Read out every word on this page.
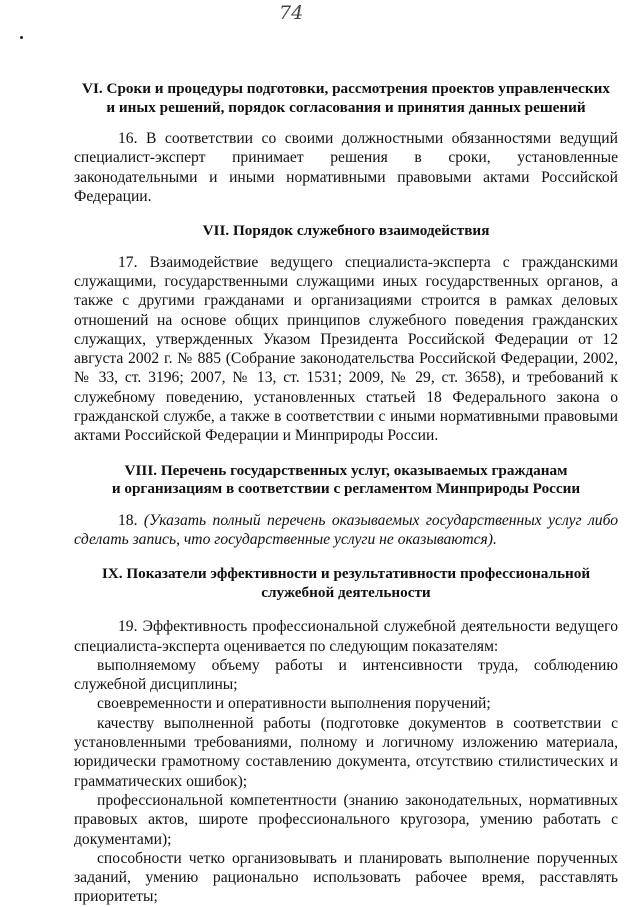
74

VI. Сроки и процедуры подготовки, рассмотрения проектов управленческих
и иных решений, порядок согласования и принятия данных решений

16. В соответствии со своими должностными обязанностями ведущий специалист-эксперт принимает решения в сроки, установленные законодательными и иными нормативными правовыми актами Российской Федерации.

VII. Порядок служебного взаимодействия

17. Взаимодействие ведущего специалиста-эксперта с гражданскими служащими, государственными служащими иных государственных органов, а также с другими гражданами и организациями строится в рамках деловых отношений на основе общих принципов служебного поведения гражданских служащих, утвержденных Указом Президента Российской Федерации от 12 августа 2002 г. № 885 (Собрание законодательства Российской Федерации, 2002, № 33, ст. 3196; 2007, № 13, ст. 1531; 2009, № 29, ст. 3658), и требований к служебному поведению, установленных статьей 18 Федерального закона о гражданской службе, а также в соответствии с иными нормативными правовыми актами Российской Федерации и Минприроды России.

VIII. Перечень государственных услуг, оказываемых гражданам
и организациям в соответствии с регламентом Минприроды России

18. (Указать полный перечень оказываемых государственных услуг либо сделать запись, что государственные услуги не оказываются).

IX. Показатели эффективности и результативности профессиональной
служебной деятельности

19. Эффективность профессиональной служебной деятельности ведущего специалиста-эксперта оценивается по следующим показателям:

выполняемому объему работы и интенсивности труда, соблюдению служебной дисциплины;

своевременности и оперативности выполнения поручений;

качеству выполненной работы (подготовке документов в соответствии с установленными требованиями, полному и логичному изложению материала, юридически грамотному составлению документа, отсутствию стилистических и грамматических ошибок);

профессиональной компетентности (знанию законодательных, нормативных правовых актов, широте профессионального кругозора, умению работать с документами);

способности четко организовывать и планировать выполнение порученных заданий, умению рационально использовать рабочее время, расставлять приоритеты;
